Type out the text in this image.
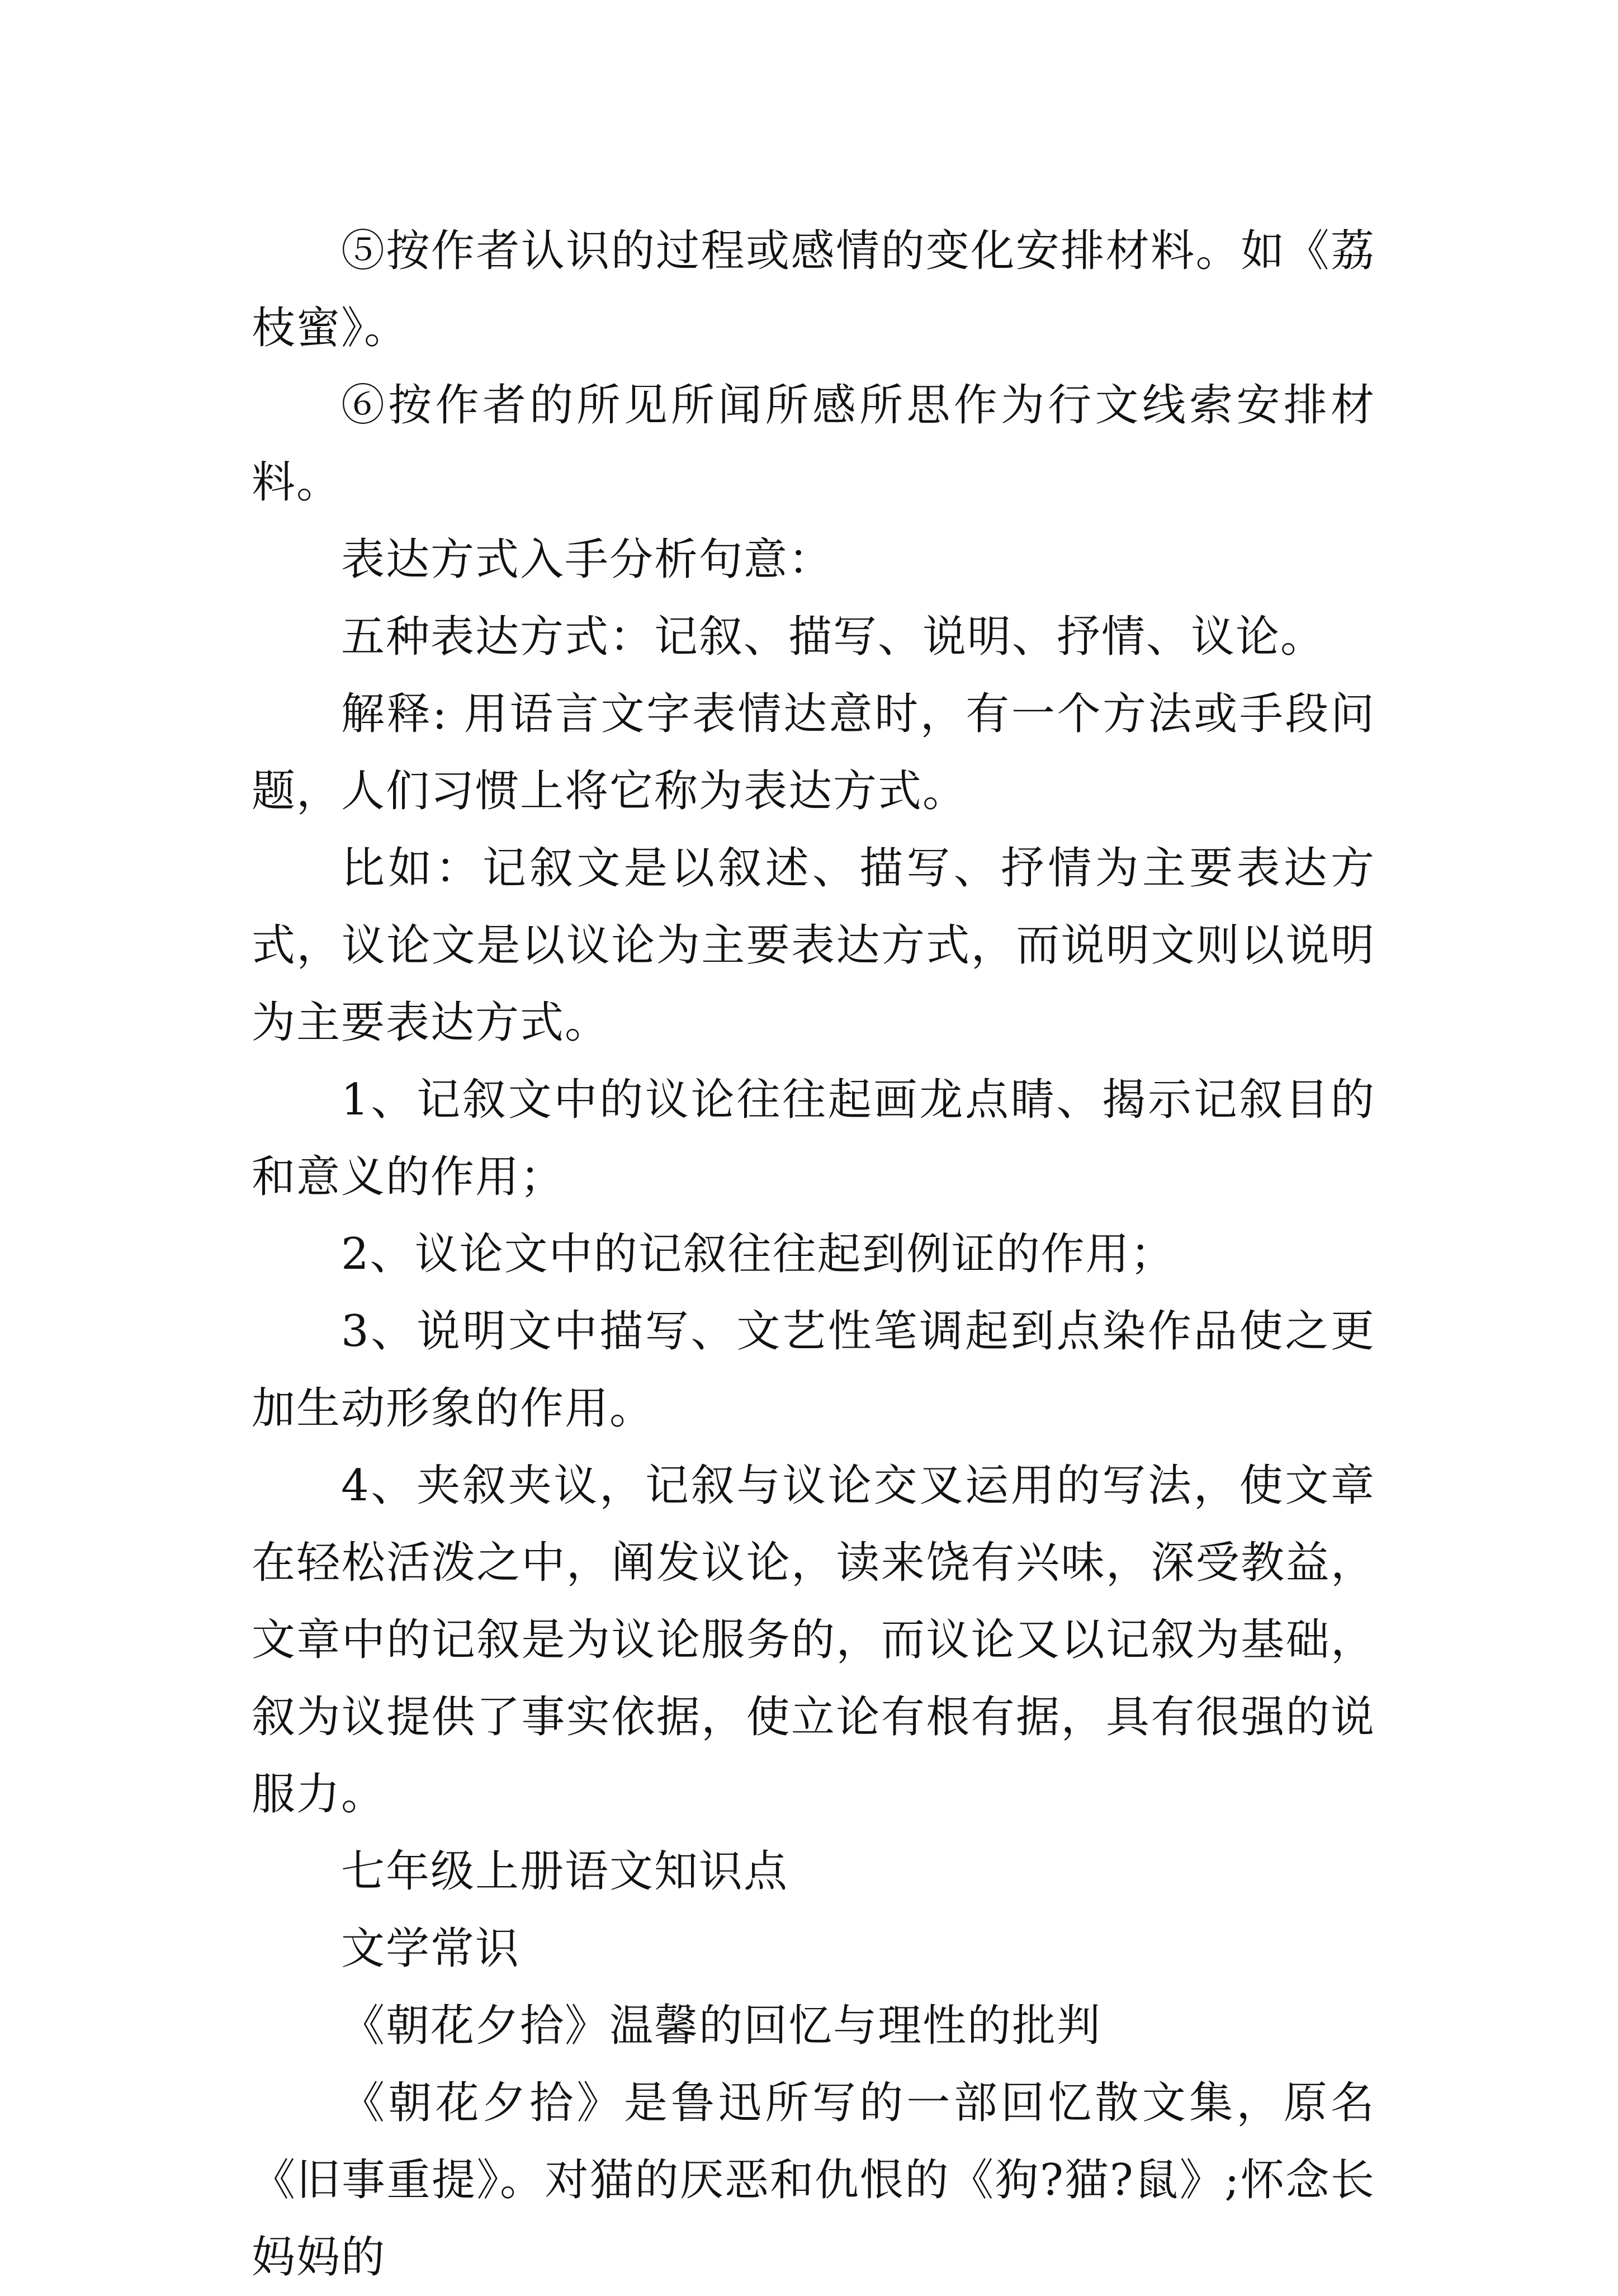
⑤按作者认识的过程或感情的变化安排材料。如《荔枝蜜》。

⑥按作者的所见所闻所感所思作为行文线索安排材料。

表达方式入手分析句意：

五种表达方式：记叙、描写、说明、抒情、议论。

解释: 用语言文字表情达意时，有一个方法或手段问题，人们习惯上将它称为表达方式。

比如：记叙文是以叙述、描写、抒情为主要表达方式，议论文是以议论为主要表达方式，而说明文则以说明为主要表达方式。

1、记叙文中的议论往往起画龙点睛、揭示记叙目的和意义的作用；

2、议论文中的记叙往往起到例证的作用；

3、说明文中描写、文艺性笔调起到点染作品使之更加生动形象的作用。

4、夹叙夹议，记叙与议论交叉运用的写法，使文章在轻松活泼之中，阐发议论，读来饶有兴味，深受教益，文章中的记叙是为议论服务的，而议论又以记叙为基础，叙为议提供了事实依据，使立论有根有据，具有很强的说服力。

七年级上册语文知识点

文学常识

《朝花夕拾》温馨的回忆与理性的批判

《朝花夕拾》是鲁迅所写的一部回忆散文集，原名《旧事重提》。对猫的厌恶和仇恨的《狗?猫?鼠》;怀念长妈妈的
